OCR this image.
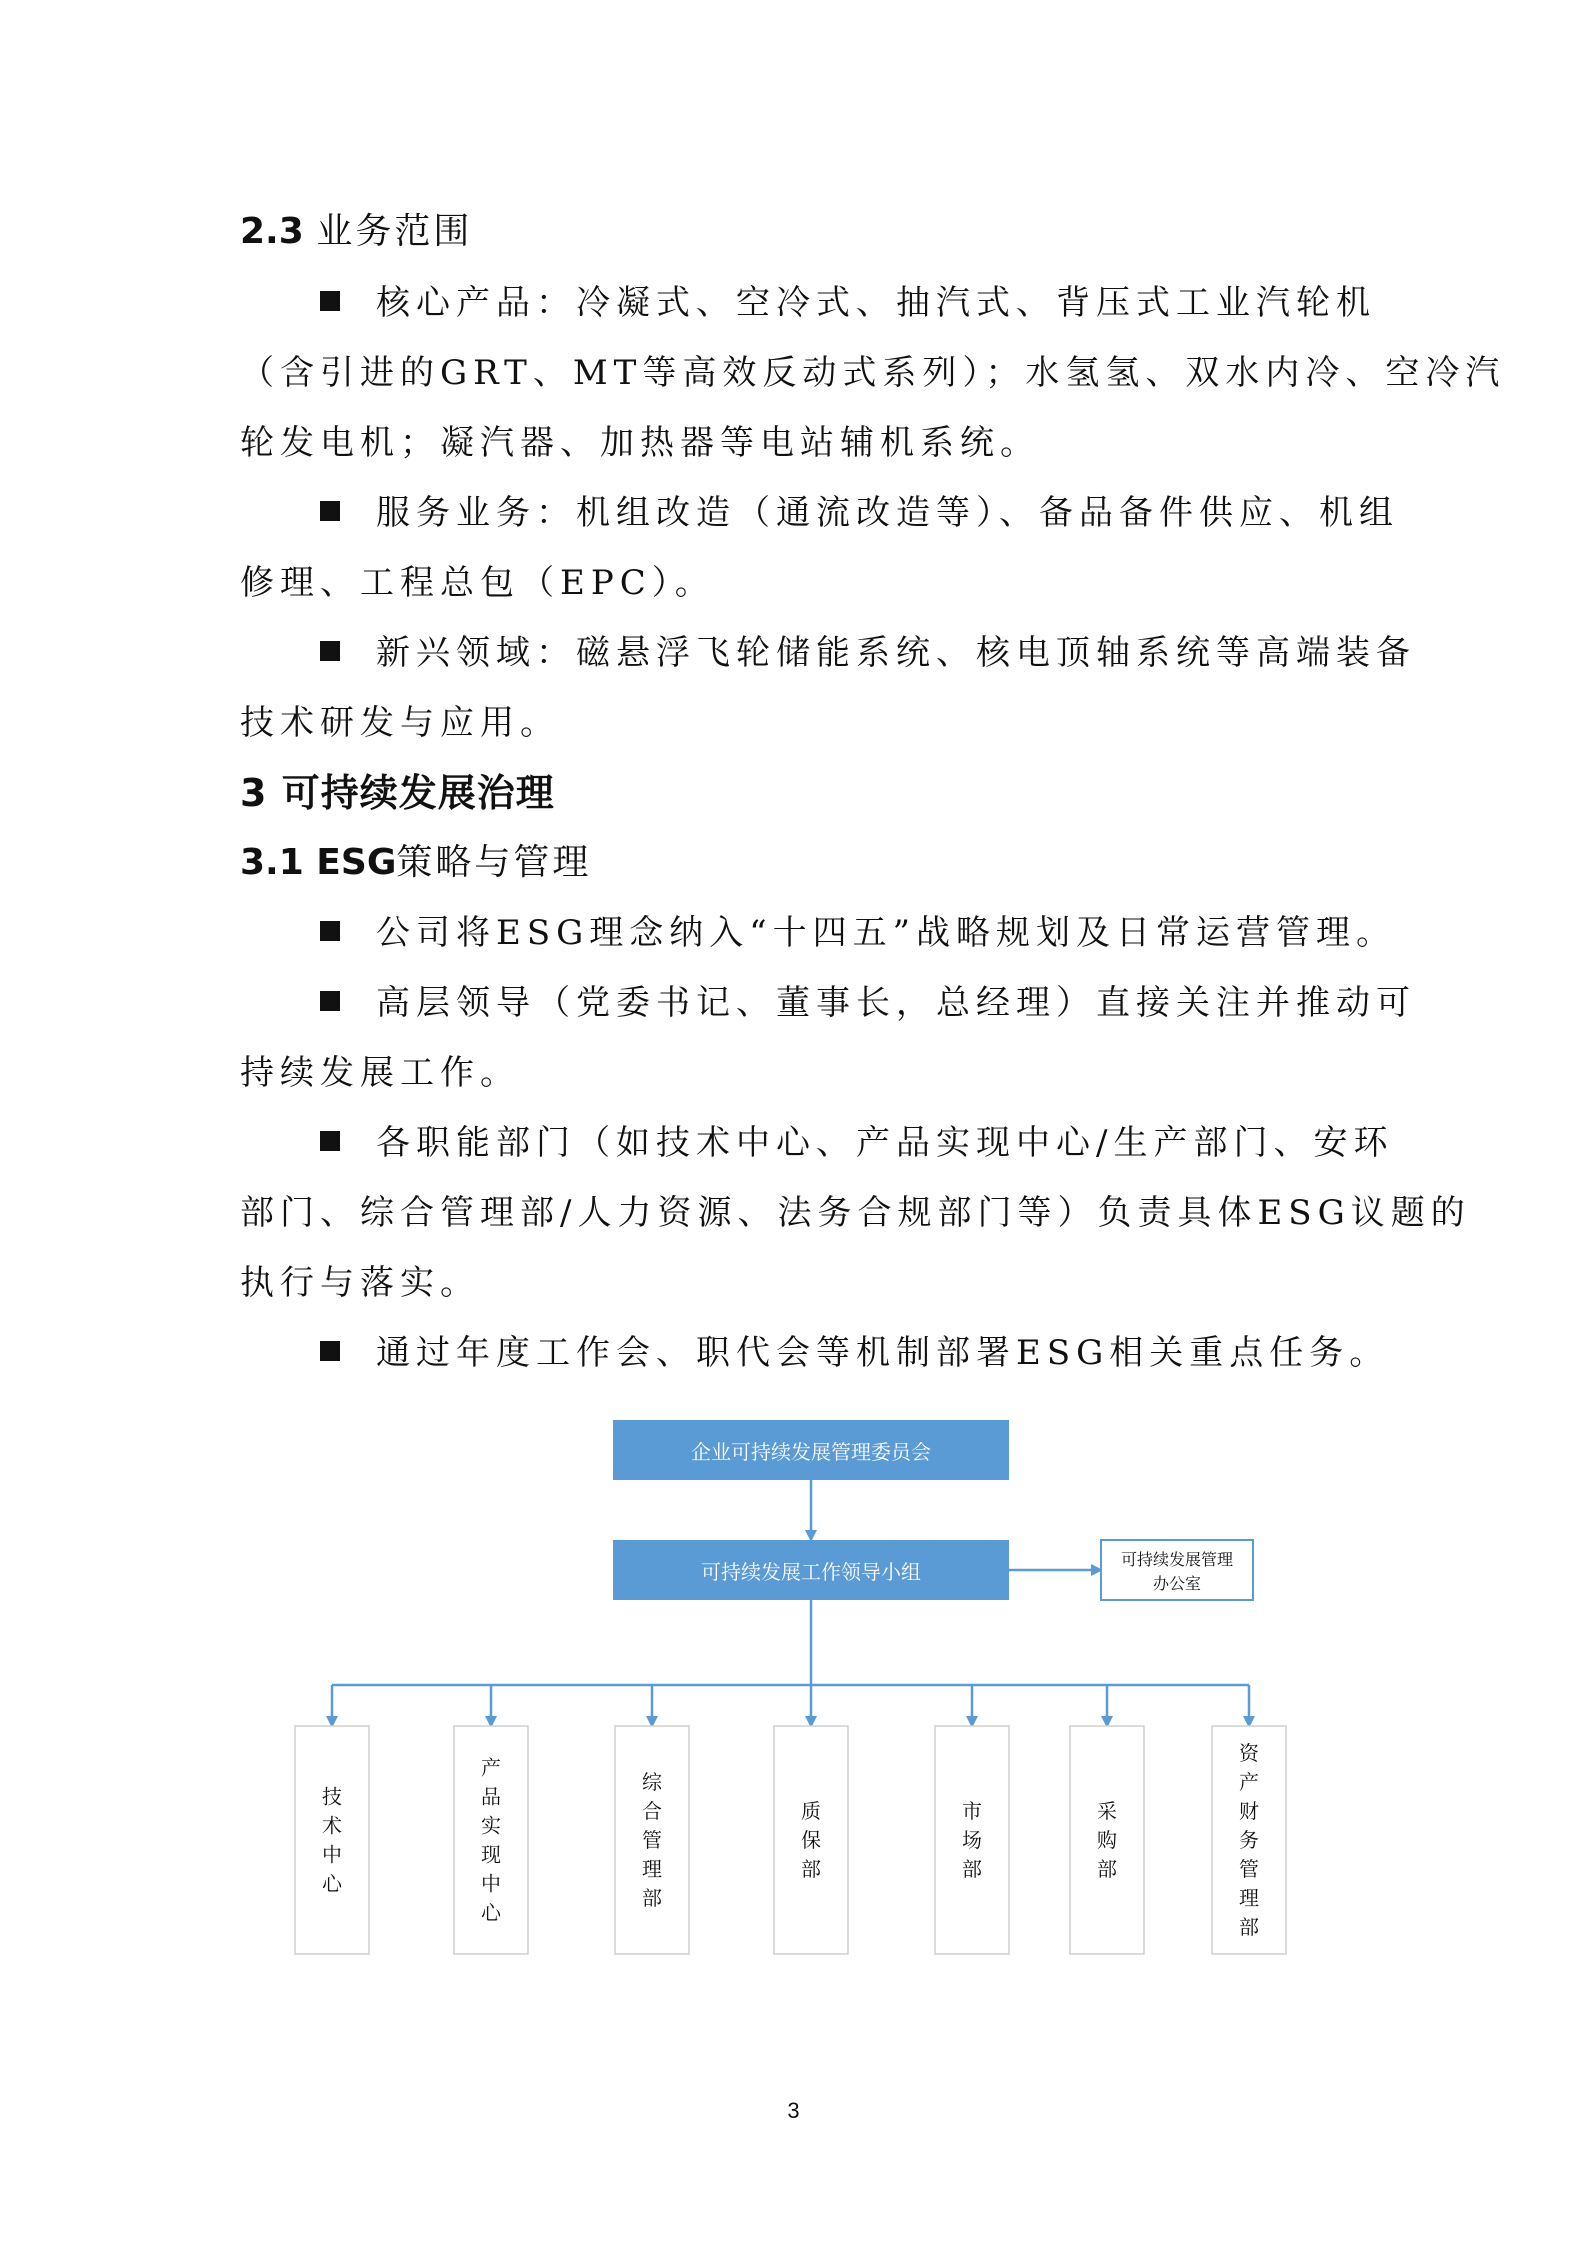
2.3 业务范围
核心产品：冷凝式、空冷式、抽汽式、背压式工业汽轮机
（含引进的GRT、MT等高效反动式系列）；水氢氢、双水内冷、空冷汽
轮发电机；凝汽器、加热器等电站辅机系统。
服务业务：机组改造（通流改造等）、备品备件供应、机组
修理、工程总包（EPC）。
新兴领域：磁悬浮飞轮储能系统、核电顶轴系统等高端装备
技术研发与应用。
3 可持续发展治理
3.1 ESG策略与管理
公司将ESG理念纳入“十四五”战略规划及日常运营管理。
高层领导（党委书记、董事长，总经理）直接关注并推动可
持续发展工作。
各职能部门（如技术中心、产品实现中心/生产部门、安环
部门、综合管理部/人力资源、法务合规部门等）负责具体ESG议题的
执行与落实。
通过年度工作会、职代会等机制部署ESG相关重点任务。
企业可持续发展管理委员会
可持续发展工作领导小组
可持续发展管理
办公室
技
术
中
心
产
品
实
现
中
心
综
合
管
理
部
质
保
部
市
场
部
采
购
部
资
产
财
务
管
理
部
3
